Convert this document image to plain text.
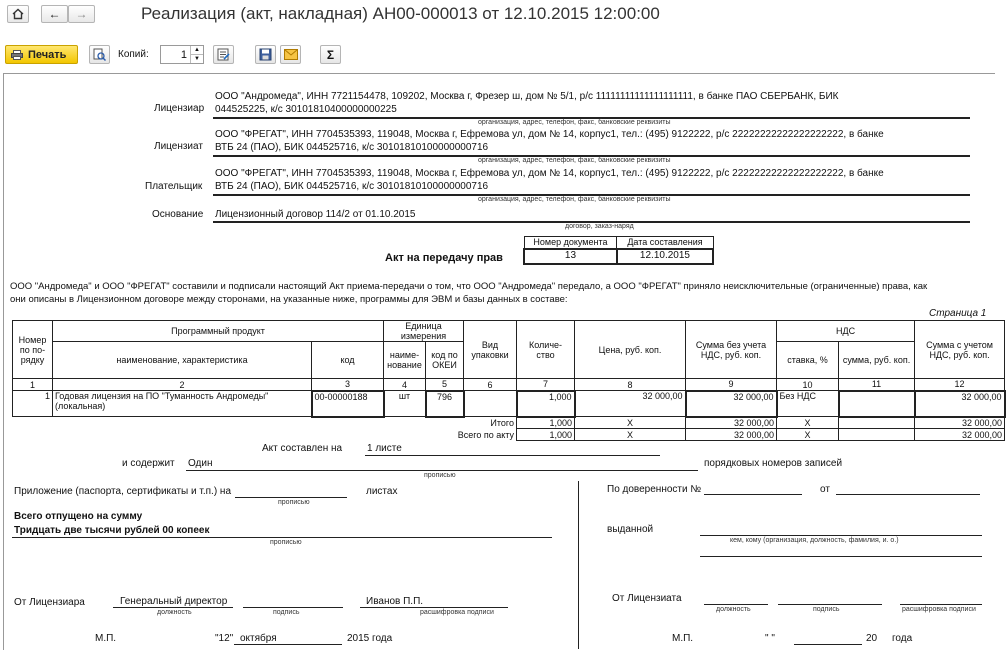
← →	Реализация (акт, накладная) АН00-000013 от 12.10.2015 12:00:00
Печать	Копий:	1	▲
▼	Σ
Лицензиар
ООО "Андромеда", ИНН 7721154478, 109202, Москва г, Фрезер ш, дом № 5/1, р/с 11111111111111111111, в банке ПАО СБЕРБАНК, БИК
044525225, к/с 30101810400000000225
организация, адрес, телефон, факс, банковские реквизиты
Лицензиат
ООО "ФРЕГАТ", ИНН 7704535393, 119048, Москва г, Ефремова ул, дом № 14, корпус1, тел.: (495) 9122222, р/с 22222222222222222222, в банке
ВТБ 24 (ПАО), БИК 044525716, к/с 30101810100000000716
организация, адрес, телефон, факс, банковские реквизиты
Плательщик
ООО "ФРЕГАТ", ИНН 7704535393, 119048, Москва г, Ефремова ул, дом № 14, корпус1, тел.: (495) 9122222, р/с 22222222222222222222, в банке
ВТБ 24 (ПАО), БИК 044525716, к/с 30101810100000000716
организация, адрес, телефон, факс, банковские реквизиты
Основание Лицензионный договор 114/2 от 01.10.2015
договор, заказ-наряд
Акт на передачу прав
Номер документа	Дата составления
13	12.10.2015
ООО "Андромеда" и ООО "ФРЕГАТ" составили и подписали настоящий Акт приема-передачи о том, что ООО "Андромеда" передало, а ООО "ФРЕГАТ" приняло неисключительные (ограниченные) права, как
они описаны в Лицензионном договоре между сторонами, на указанные ниже, программы для ЭВМ и базы данных в составе:
Страница 1
Номер по по- рядку	Программный продукт		Единица измерения		Вид упаковки	Количе- ство	Цена, руб. коп.	Сумма без учета НДС, руб. коп.	НДС		Сумма с учетом НДС, руб. коп.
	наименование, характеристика	код	наиме- нование	код по ОКЕИ					ставка, %	сумма, руб. коп.	
1	2	3	4	5	6	7	8	9	10	11	12
1	Годовая лицензия на ПО "Туманность Андромеды" (локальная)	00-00000188	шт	796		1,000	32 000,00	32 000,00	Без НДС		32 000,00
Итого						1,000	X	32 000,00	X		32 000,00
Всего по акту						1,000	X	32 000,00	X		32 000,00
Акт составлен на 1 листе
и содержит Один
прописью
порядковых номеров записей
Приложение (паспорта, сертификаты и т.п.) на
прописью
листах
Всего отпущено на сумму
Тридцать две тысячи рублей 00 копеек
прописью
От Лицензиара	Генеральный директор
должность	подпись
Иванов П.П.
расшифровка подписи
М.П.	"12" октября	2015 года
По доверенности №	от
выданной
кем, кому (организация, должность, фамилия, и. о.)
От Лицензиата
должность	подпись	расшифровка подписи
М.П.	" "	20 года
